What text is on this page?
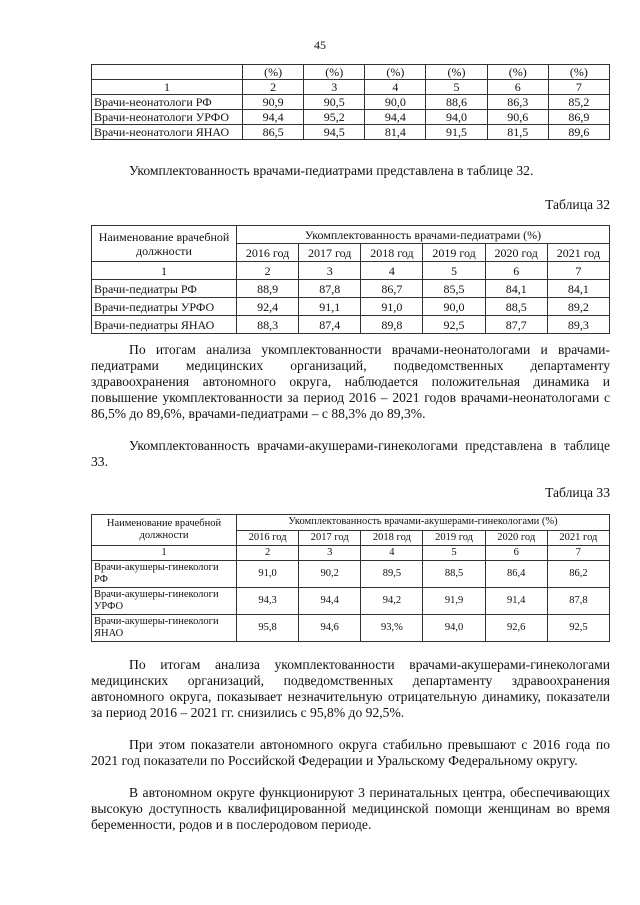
45
	(%)	(%)	(%)	(%)	(%)	(%)
1	2	3	4	5	6	7
Врачи-неонатологи РФ	90,9	90,5	90,0	88,6	86,3	85,2
Врачи-неонатологи УРФО	94,4	95,2	94,4	94,0	90,6	86,9
Врачи-неонатологи ЯНАО	86,5	94,5	81,4	91,5	81,5	89,6

Укомплектованность врачами-педиатрами представлена в таблице 32.

Таблица 32
Наименование врачебной должности	Укомплектованность врачами-педиатрами (%)					
	2016 год	2017 год	2018 год	2019 год	2020 год	2021 год
1	2	3	4	5	6	7
Врачи-педиатры РФ	88,9	87,8	86,7	85,5	84,1	84,1
Врачи-педиатры УРФО	92,4	91,1	91,0	90,0	88,5	89,2
Врачи-педиатры ЯНАО	88,3	87,4	89,8	92,5	87,7	89,3

По итогам анализа укомплектованности врачами-неонатологами и врачами-педиатрами медицинских организаций, подведомственных департаменту здравоохранения автономного округа, наблюдается положительная динамика и повышение укомплектованности за период 2016 – 2021 годов врачами-неонатологами с 86,5% до 89,6%, врачами-педиатрами – с 88,3% до 89,3%.

Укомплектованность врачами-акушерами-гинекологами представлена в таблице 33.

Таблица 33
Наименование врачебной должности	Укомплектованность врачами-акушерами-гинекологами (%)					
	2016 год	2017 год	2018 год	2019 год	2020 год	2021 год
1	2	3	4	5	6	7
Врачи-акушеры-гинекологи
РФ	91,0	90,2	89,5	88,5	86,4	86,2
Врачи-акушеры-гинекологи
УРФО	94,3	94,4	94,2	91,9	91,4	87,8
Врачи-акушеры-гинекологи
ЯНАО	95,8	94,6	93,%	94,0	92,6	92,5

По итогам анализа укомплектованности врачами-акушерами-гинекологами медицинских организаций, подведомственных департаменту здравоохранения автономного округа, показывает незначительную отрицательную динамику, показатели за период 2016 – 2021 гг. снизились с 95,8% до 92,5%.

При этом показатели автономного округа стабильно превышают с 2016 года по 2021 год показатели по Российской Федерации и Уральскому Федеральному округу.

В автономном округе функционируют 3 перинатальных центра, обеспечивающих высокую доступность квалифицированной медицинской помощи женщинам во время беременности, родов и в послеродовом периоде.
